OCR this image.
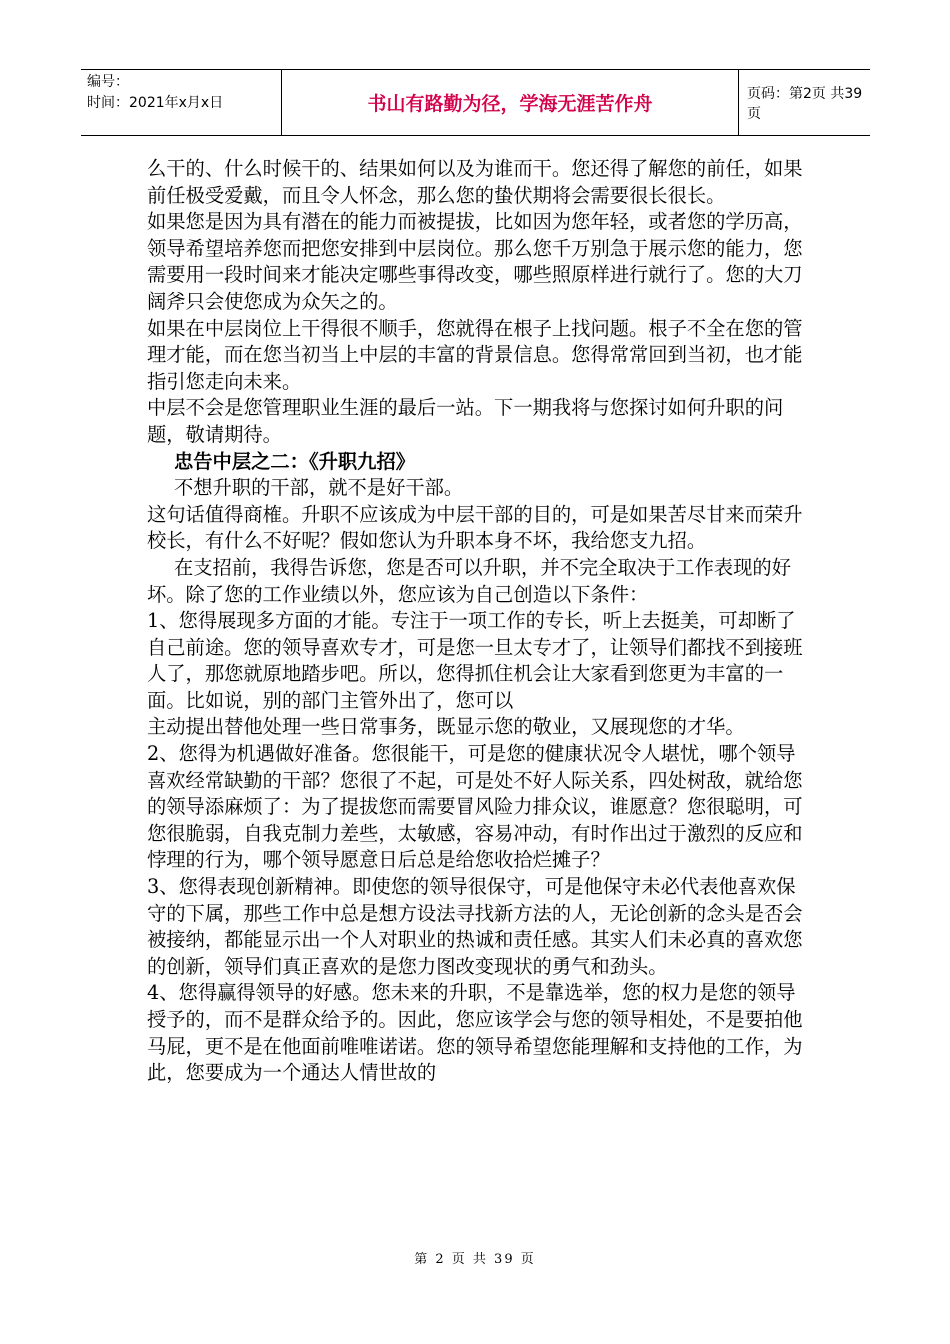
编号：
时间：2021年x月x日	书山有路勤为径，学海无涯苦作舟	页码：第2页 共39页

么干的、什么时候干的、结果如何以及为谁而干。您还得了解您的前任，如果前任极受爱戴，而且令人怀念，那么您的蛰伏期将会需要很长很长。

如果您是因为具有潜在的能力而被提拔，比如因为您年轻，或者您的学历高，领导希望培养您而把您安排到中层岗位。那么您千万别急于展示您的能力，您需要用一段时间来才能决定哪些事得改变，哪些照原样进行就行了。您的大刀阔斧只会使您成为众矢之的。

如果在中层岗位上干得很不顺手，您就得在根子上找问题。根子不全在您的管理才能，而在您当初当上中层的丰富的背景信息。您得常常回到当初，也才能指引您走向未来。

中层不会是您管理职业生涯的最后一站。下一期我将与您探讨如何升职的问题，敬请期待。

忠告中层之二：《升职九招》

不想升职的干部，就不是好干部。

这句话值得商榷。升职不应该成为中层干部的目的，可是如果苦尽甘来而荣升校长，有什么不好呢？假如您认为升职本身不坏，我给您支九招。

在支招前，我得告诉您，您是否可以升职，并不完全取决于工作表现的好坏。除了您的工作业绩以外，您应该为自己创造以下条件：

1、您得展现多方面的才能。专注于一项工作的专长，听上去挺美，可却断了自己前途。您的领导喜欢专才，可是您一旦太专才了，让领导们都找不到接班人了，那您就原地踏步吧。所以，您得抓住机会让大家看到您更为丰富的一面。比如说，别的部门主管外出了，您可以

主动提出替他处理一些日常事务，既显示您的敬业，又展现您的才华。

2、您得为机遇做好准备。您很能干，可是您的健康状况令人堪忧，哪个领导喜欢经常缺勤的干部？您很了不起，可是处不好人际关系，四处树敌，就给您的领导添麻烦了：为了提拔您而需要冒风险力排众议，谁愿意？您很聪明，可您很脆弱，自我克制力差些，太敏感，容易冲动，有时作出过于激烈的反应和悖理的行为，哪个领导愿意日后总是给您收拾烂摊子？

3、您得表现创新精神。即使您的领导很保守，可是他保守未必代表他喜欢保守的下属，那些工作中总是想方设法寻找新方法的人，无论创新的念头是否会被接纳，都能显示出一个人对职业的热诚和责任感。其实人们未必真的喜欢您的创新，领导们真正喜欢的是您力图改变现状的勇气和劲头。

4、您得赢得领导的好感。您未来的升职，不是靠选举，您的权力是您的领导授予的，而不是群众给予的。因此，您应该学会与您的领导相处，不是要拍他马屁，更不是在他面前唯唯诺诺。您的领导希望您能理解和支持他的工作，为此，您要成为一个通达人情世故的

第 2 页 共 39 页
